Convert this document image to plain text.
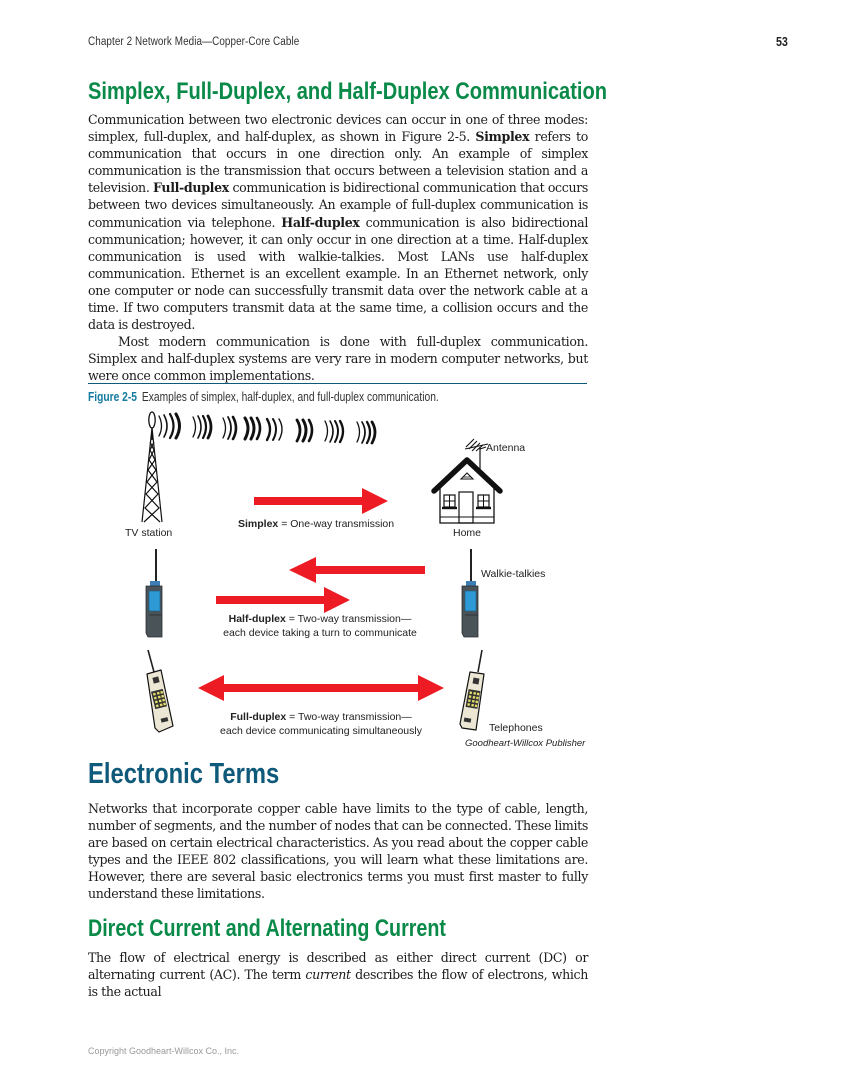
Chapter 2 Network Media—Copper-Core Cable	53
Simplex, Full-Duplex, and Half-Duplex Communication

Communication between two electronic devices can occur in one of three modes: simplex, full-duplex, and half-duplex, as shown in Figure 2-5. Simplex refers to communication that occurs in one direction only. An example of simplex communication is the transmission that occurs between a television station and a television. Full-duplex communication is bidirectional communication that occurs between two devices simultaneously. An example of full-duplex communication is communication via telephone. Half-duplex communication is also bidirectional communication; however, it can only occur in one direction at a time. Half-duplex communication is used with walkie-talkies. Most LANs use half-duplex communication. Ethernet is an excellent example. In an Ethernet network, only one computer or node can successfully transmit data over the network cable at a time. If two computers transmit data at the same time, a collision occurs and the data is destroyed.

Most modern communication is done with full-duplex communication. Simplex and half-duplex systems are very rare in modern computer networks, but were once common implementations.

Figure 2-5 Examples of simplex, half-duplex, and full-duplex communication.
TV station
Antenna
Home
Simplex = One-way transmission
Walkie-talkies
Half-duplex = Two-way transmission—
each device taking a turn to communicate
Full-duplex = Two-way transmission—
each device communicating simultaneously	Telephones
Goodheart-Willcox Publisher
Electronic Terms

Networks that incorporate copper cable have limits to the type of cable, length, number of segments, and the number of nodes that can be connected. These limits are based on certain electrical characteristics. As you read about the copper cable types and the IEEE 802 classifications, you will learn what these limitations are. However, there are several basic electronics terms you must first master to fully understand these limitations.

Direct Current and Alternating Current

The flow of electrical energy is described as either direct current (DC) or alternating current (AC). The term current describes the flow of electrons, which is the actual

Copyright Goodheart-Willcox Co., Inc.
